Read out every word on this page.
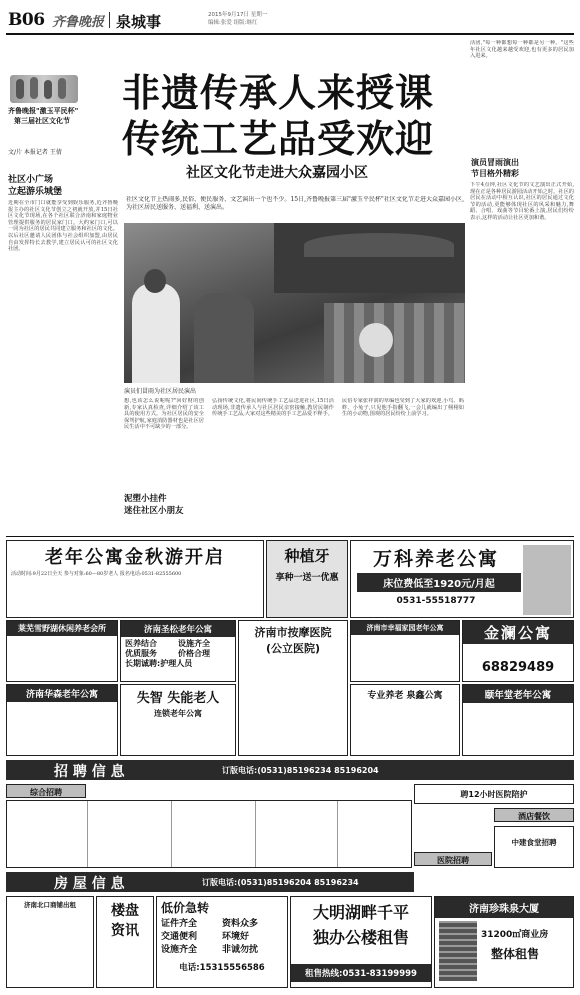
B06 齐鲁晚报 泉城事	2015年9月17日 星期一
编辑:张爱 组版:继红
齐鲁晚报"激玉平民杯"
第三届社区文化节
文/片 本报记者 王倩
非遗传承人来授课
传统工艺品受欢迎
社区文化节走进大众嘉园小区
社区小广场
立起游乐城堡
近期在全市门口就能享受到娱乐服务,近齐鲁晚报主办的社区文化节创立之初就开放,并15日社区文化节现场,在各个社区联合济南和家庭物业管理提供服务的居民家门口。大约家门口,可以一同为社区的居民共同建立服务和社区的文化。以后社区邀请人民团体与社会组织加盟,由居民自由发挥特长去教学,建立居民认可的社区文化社团。
活团,"每一种都想每一种都是另一种。"这些年社区文化越来越受欢迎,也有更多的居民加入进来。
演员冒雨演出
节目格外精彩
下午4点钟,社区文化节的文艺演出正式开始,现在正是各种居民游园活动开始之时。社区的居民在活动中相互认识,社区的居民通过文化节的活动,更能够体现社区的风采和魅力,舞蹈、合唱、戏曲等节目轮番上演,居民们纷纷表示,这样的活动让社区更加和谐。
社区文化节上热闹多,民俗、便民服务、文艺演出一个也不少。15日,齐鲁晚报第三届"激玉平民杯"社区文化节走进大众嘉园小区,为社区居民送服务、送福利、送演出。
演员们冒雨为社区居民演出
想,也该怎么说呢呢?"回好财的创新,专家认真检查,详细介绍了该工具的使用方式。为社区居民的安全保驾护航,家庭消防器材也是社区居民生活中不可缺少的一部分。
泥塑小挂件
迷住社区小朋友
弘扬传统文化,将民间传统手工艺品送进社区,15日活动现场,非遗传承人与社区居民亲密接触,教居民制作传统手工艺品,大家对这些精美的手工艺品爱不释手。
民俗专家张祥润的草编也受到了大家的欢迎,小鸟、蚂蚱、小兔子,只见他手指翻飞,一会儿就编出了栩栩如生的小动物,围观的居民纷纷上前学习。
老年公寓金秋游开启
活动时间:9月22日全天 参与对象:60—80岁老人 报名电话:0531-82555600
种植牙
享种一送一优惠
万科养老公寓
床位费低至1920元/月起
0531-55518777
莱芜雪野湖休闲养老会所	济南圣松老年公寓
医养结合	设施齐全
优质服务	价格合理
长期诚聘:护理人员
济南市按摩医院
(公立医院)
济南市幸福家园老年公寓	金澜公寓
68829489
济南华森老年公寓	失智 失能老人
连锁老年公寓
专业养老 泉鑫公寓	颐年堂老年公寓
招 聘 信 息	订版电话:(0531)85196234 85196204
综合招聘	聘12小时医院陪护
酒店餐饮
中建食堂招聘
医院招聘
房 屋 信 息	订版电话:(0531)85196204 85196234
济南北口商铺出租	楼盘资讯
低价急转
证件齐全	资料众多
交通便利	环境好
设施齐全	非诚勿扰
电话:15315556586
大明湖畔千平
独办公楼租售
租售热线:0531-83199999
济南珍珠泉大厦
31200㎡商业房
整体租售
